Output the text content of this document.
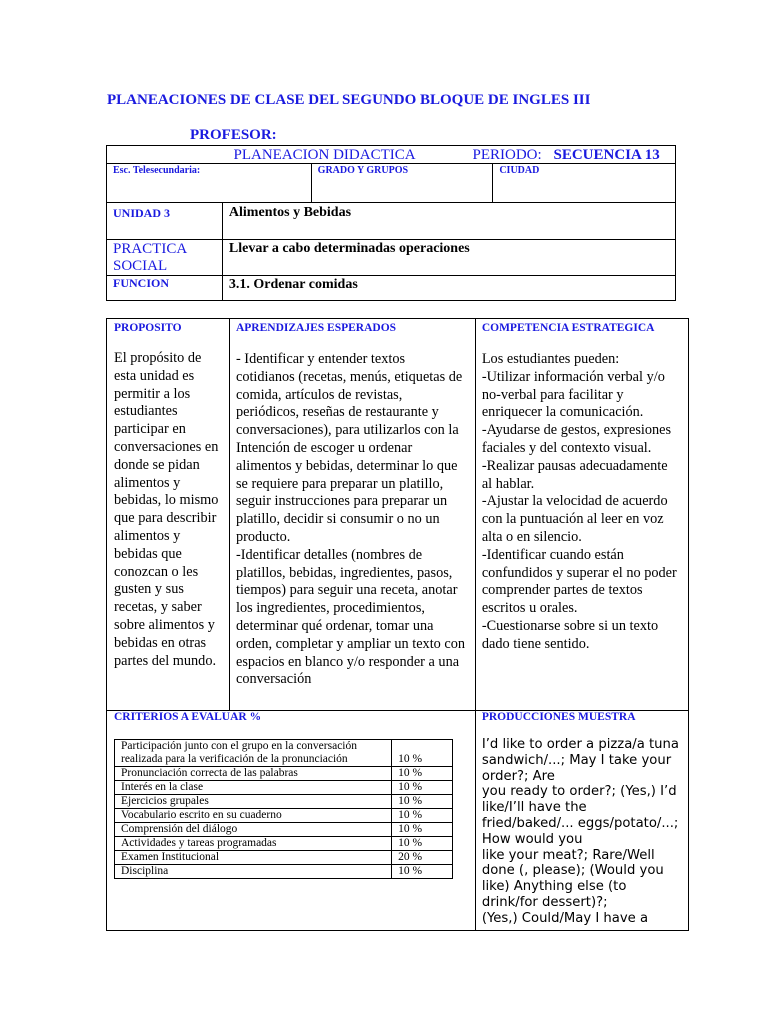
PLANEACIONES DE CLASE DEL SEGUNDO BLOQUE DE INGLES III
PROFESOR:
PLANEACION DIDACTICA PERIODO: SECUENCIA 13			

Esc. Telesecundaria:		GRADO Y GRUPOS	CIUDAD
UNIDAD 3	Alimentos y Bebidas		
PRACTICA
SOCIAL	Llevar a cabo determinadas operaciones		
FUNCION	3.1. Ordenar comidas		
PROPOSITO
El propósito de esta unidad es permitir a los estudiantes participar en conversaciones en donde se pidan alimentos y bebidas, lo mismo que para describir alimentos y bebidas que conozcan o les gusten y sus recetas, y saber sobre alimentos y bebidas en otras partes del mundo.

APRENDIZAJES ESPERADOS
- Identificar y entender textos cotidianos (recetas, menús, etiquetas de comida, artículos de revistas, periódicos, reseñas de restaurante y conversaciones), para utilizarlos con la Intención de escoger u ordenar alimentos y bebidas, determinar lo que se requiere para preparar un platillo, seguir instrucciones para preparar un platillo, decidir si consumir o no un producto.
-Identificar detalles (nombres de platillos, bebidas, ingredientes, pasos, tiempos) para seguir una receta, anotar los ingredientes, procedimientos, determinar qué ordenar, tomar una orden, completar y ampliar un texto con espacios en blanco y/o responder a una conversación

COMPETENCIA ESTRATEGICA
Los estudiantes pueden:
-Utilizar información verbal y/o no-verbal para facilitar y enriquecer la comunicación.
-Ayudarse de gestos, expresiones faciales y del contexto visual.
-Realizar pausas adecuadamente al hablar.
-Ajustar la velocidad de acuerdo con la puntuación al leer en voz alta o en silencio.
-Identificar cuando están confundidos y superar el no poder comprender partes de textos escritos u orales.
-Cuestionarse sobre si un texto dado tiene sentido.

CRITERIOS A EVALUAR %
Participación junto con el grupo en la conversación realizada para la verificación de la pronunciación	10 %
Pronunciación correcta de las palabras	10 %
Interés en la clase	10 %
Ejercicios grupales	10 %
Vocabulario escrito en su cuaderno	10 %
Comprensión del diálogo	10 %
Actividades y tareas programadas	10 %
Examen Institucional	20 %
Disciplina	10 %

PRODUCCIONES MUESTRA
I’d like to order a pizza/a tuna sandwich/...; May I take your order?; Are
you ready to order?; (Yes,) I’d like/I’ll have the fried/baked/... eggs/potato/...; How would you
like your meat?; Rare/Well done (, please); (Would you like) Anything else (to drink/for dessert)?;
(Yes,) Could/May I have a
